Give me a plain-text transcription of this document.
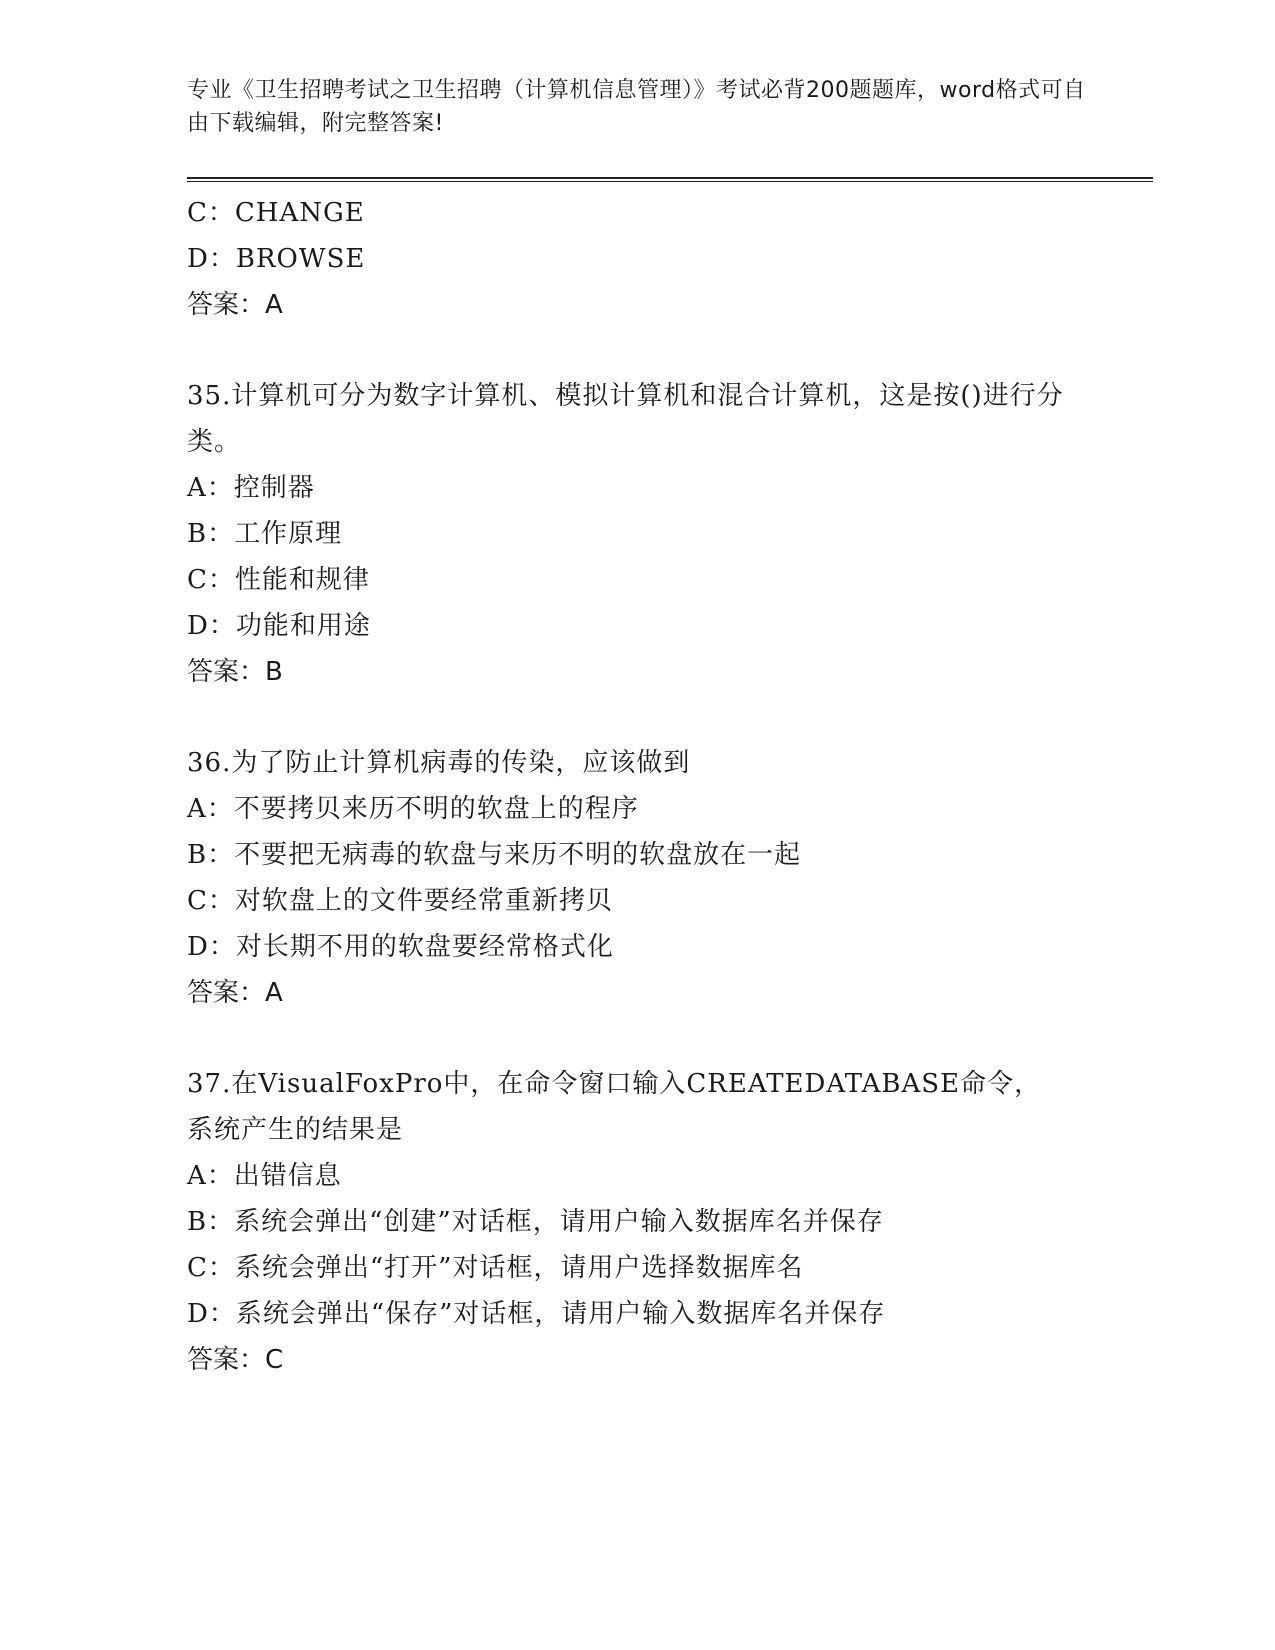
专业《卫生招聘考试之卫生招聘（计算机信息管理）》考试必背200题题库，word格式可自由下载编辑，附完整答案!
C：CHANGE
D：BROWSE
答案：A
35.计算机可分为数字计算机、模拟计算机和混合计算机，这是按()进行分类。
A：控制器
B：工作原理
C：性能和规律
D：功能和用途
答案：B
36.为了防止计算机病毒的传染，应该做到
A：不要拷贝来历不明的软盘上的程序
B：不要把无病毒的软盘与来历不明的软盘放在一起
C：对软盘上的文件要经常重新拷贝
D：对长期不用的软盘要经常格式化
答案：A
37.在VisualFoxPro中，在命令窗口输入CREATEDATABASE命令，系统产生的结果是
A：出错信息
B：系统会弹出“创建”对话框，请用户输入数据库名并保存
C：系统会弹出“打开”对话框，请用户选择数据库名
D：系统会弹出“保存”对话框，请用户输入数据库名并保存
答案：C
